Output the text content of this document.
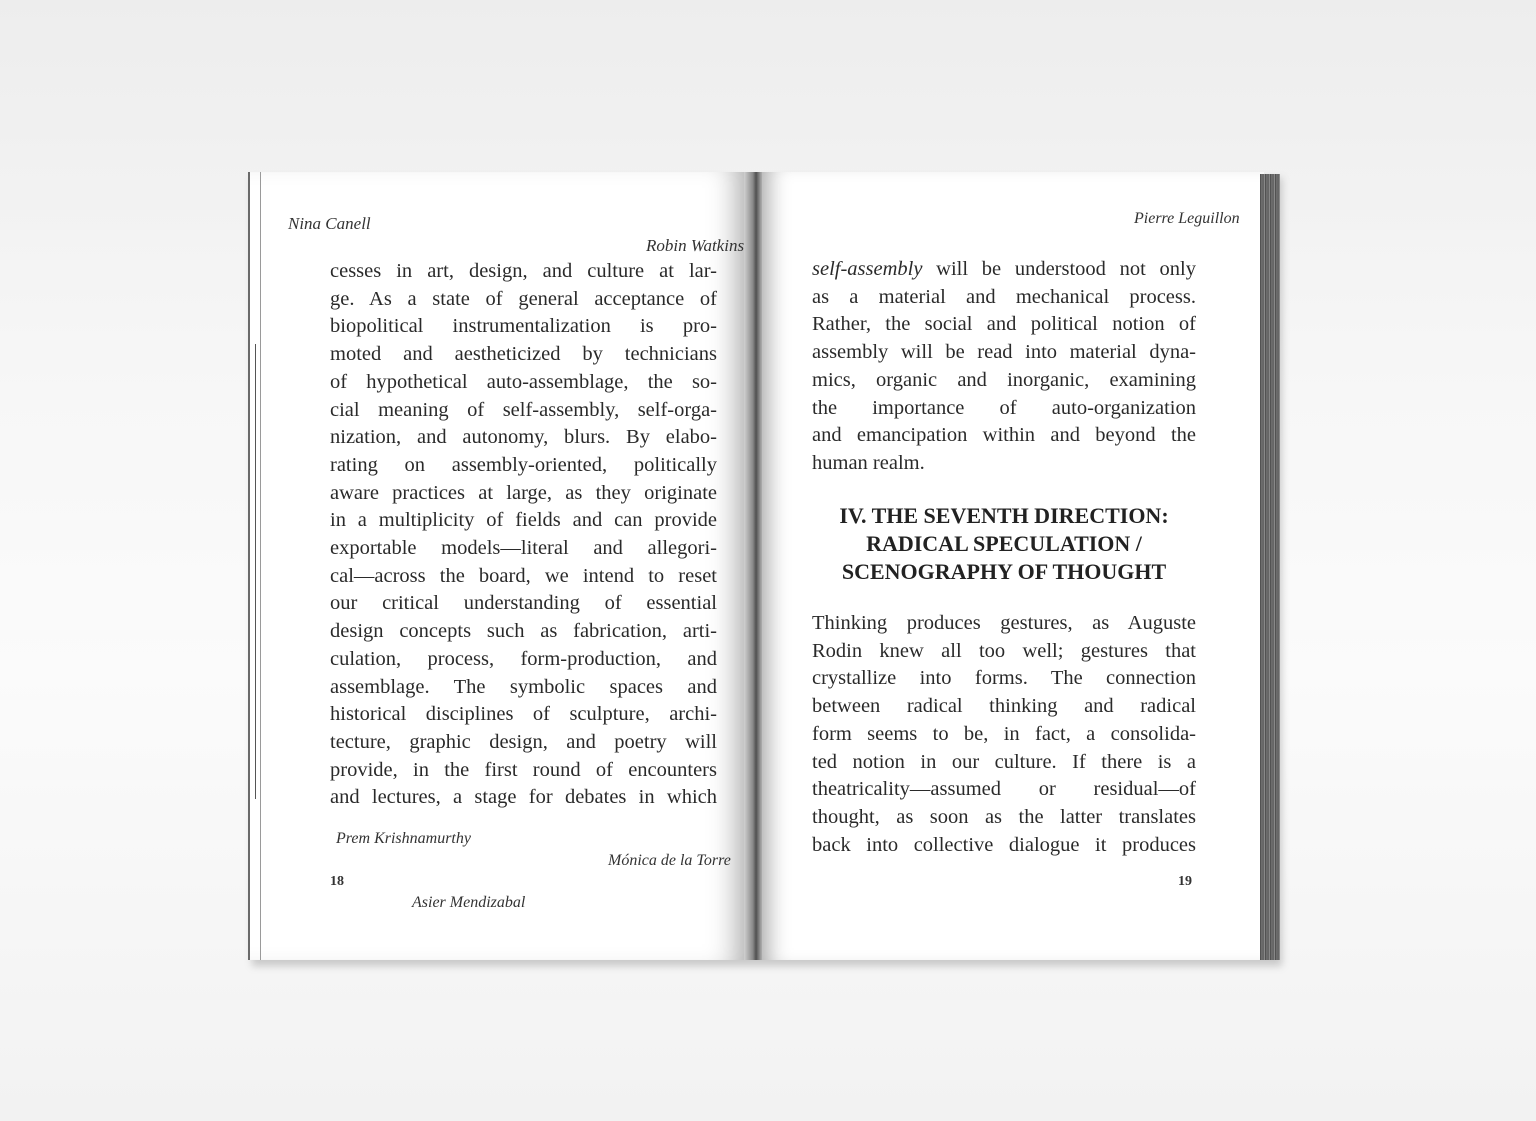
Nina Canell
Robin Watkins
cesses in art, design, and culture at lar-
ge. As a state of general acceptance of
biopolitical instrumentalization is pro-
moted and aestheticized by technicians
of hypothetical auto-assemblage, the so-
cial meaning of self-assembly, self-orga-
nization, and autonomy, blurs. By elabo-
rating on assembly-oriented, politically
aware practices at large, as they originate
in a multiplicity of fields and can provide
exportable models—literal and allegori-
cal—across the board, we intend to reset
our critical understanding of essential
design concepts such as fabrication, arti-
culation, process, form-production, and
assemblage. The symbolic spaces and
historical disciplines of sculpture, archi-
tecture, graphic design, and poetry will
provide, in the first round of encounters
and lectures, a stage for debates in which
Prem Krishnamurthy
Mónica de la Torre
18
Asier Mendizabal
Pierre Leguillon
self-assembly will be understood not only
as a material and mechanical process.
Rather, the social and political notion of
assembly will be read into material dyna-
mics, organic and inorganic, examining
the importance of auto-organization
and emancipation within and beyond the
human realm.
IV. THE SEVENTH DIRECTION:
RADICAL SPECULATION /
SCENOGRAPHY OF THOUGHT
Thinking produces gestures, as Auguste
Rodin knew all too well; gestures that
crystallize into forms. The connection
between radical thinking and radical
form seems to be, in fact, a consolida-
ted notion in our culture. If there is a
theatricality—assumed or residual—of
thought, as soon as the latter translates
back into collective dialogue it produces
19
